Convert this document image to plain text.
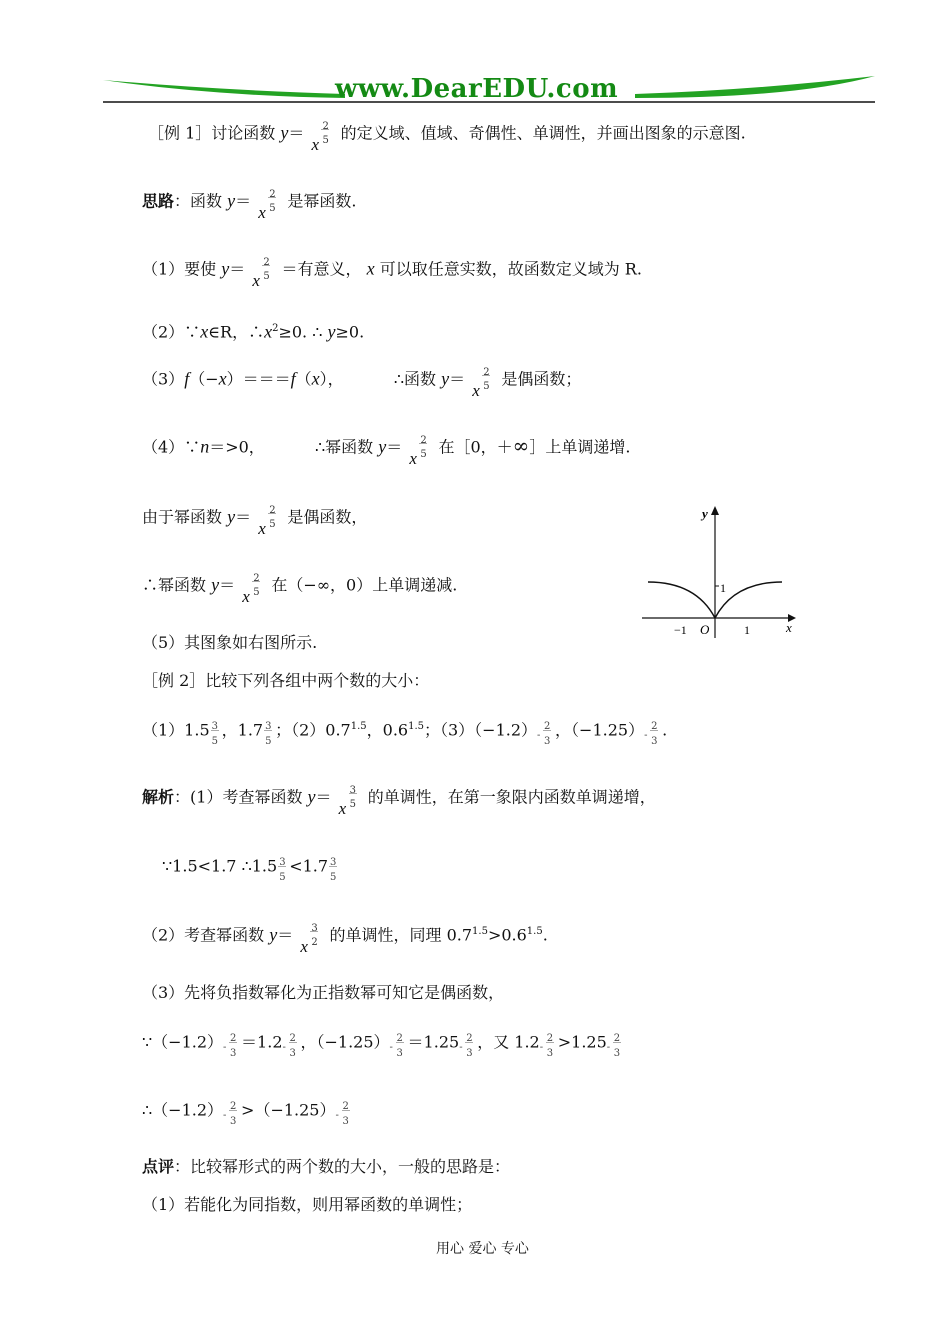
www.DearEDU.com
［例 1］讨论函数 y＝
x
2
5 的定义域、值域、奇偶性、单调性，并画出图象的示意图.
思路：函数 y＝
x
2
5 是幂函数.
（1）要使 y＝
x
2
5 ＝有意义， x 可以取任意实数，故函数定义域为 R.
（2）∵x∈R，$\therefore x^2\ge 0$. ∴ y≥0.
（3）f（−x）＝＝＝f（x），	∴函数 y＝
x
2
5 是偶函数；
（4）∵n＝>0，	∴幂函数 y＝
x
2
5 在［0，＋∞］上单调递增.
由于幂函数 y＝
x
2
5 是偶函数，
∴幂函数 y＝
x
2
5 在（−∞，0）上单调递减.
（5）其图象如右图所示.
y
x
O
−1	1
1
［例 2］比较下列各组中两个数的大小：
（1）1.5 3
5
，1.7 3
5
；$(2)0.7^{1.5}$，$0.6^{1.5}$；（3）（−1.2） -
2
3
，（−1.25） -
2
3
.
解析：(1）考查幂函数 y＝
x
3
5 的单调性，在第一象限内函数单调递增，
∵1.5<1.7 ∴1.5 3
5
<1.7 3
5
（2）考查幂函数 y＝
x
3
2 的单调性，同理 $0.7^{1.5}>0.6^{1.5}$.
（3）先将负指数幂化为正指数幂可知它是偶函数，
∵（−1.2） -
2
3
＝1.2 -
2
3
，（−1.25） -
2
3
＝1.25 -
2
3
，又 1.2 -
2
3
>1.25 -
2
3
∴（−1.2） -
2
3
>（−1.25） -
2
3
点评：比较幂形式的两个数的大小，一般的思路是：
（1）若能化为同指数，则用幂函数的单调性；
用心 爱心 专心
